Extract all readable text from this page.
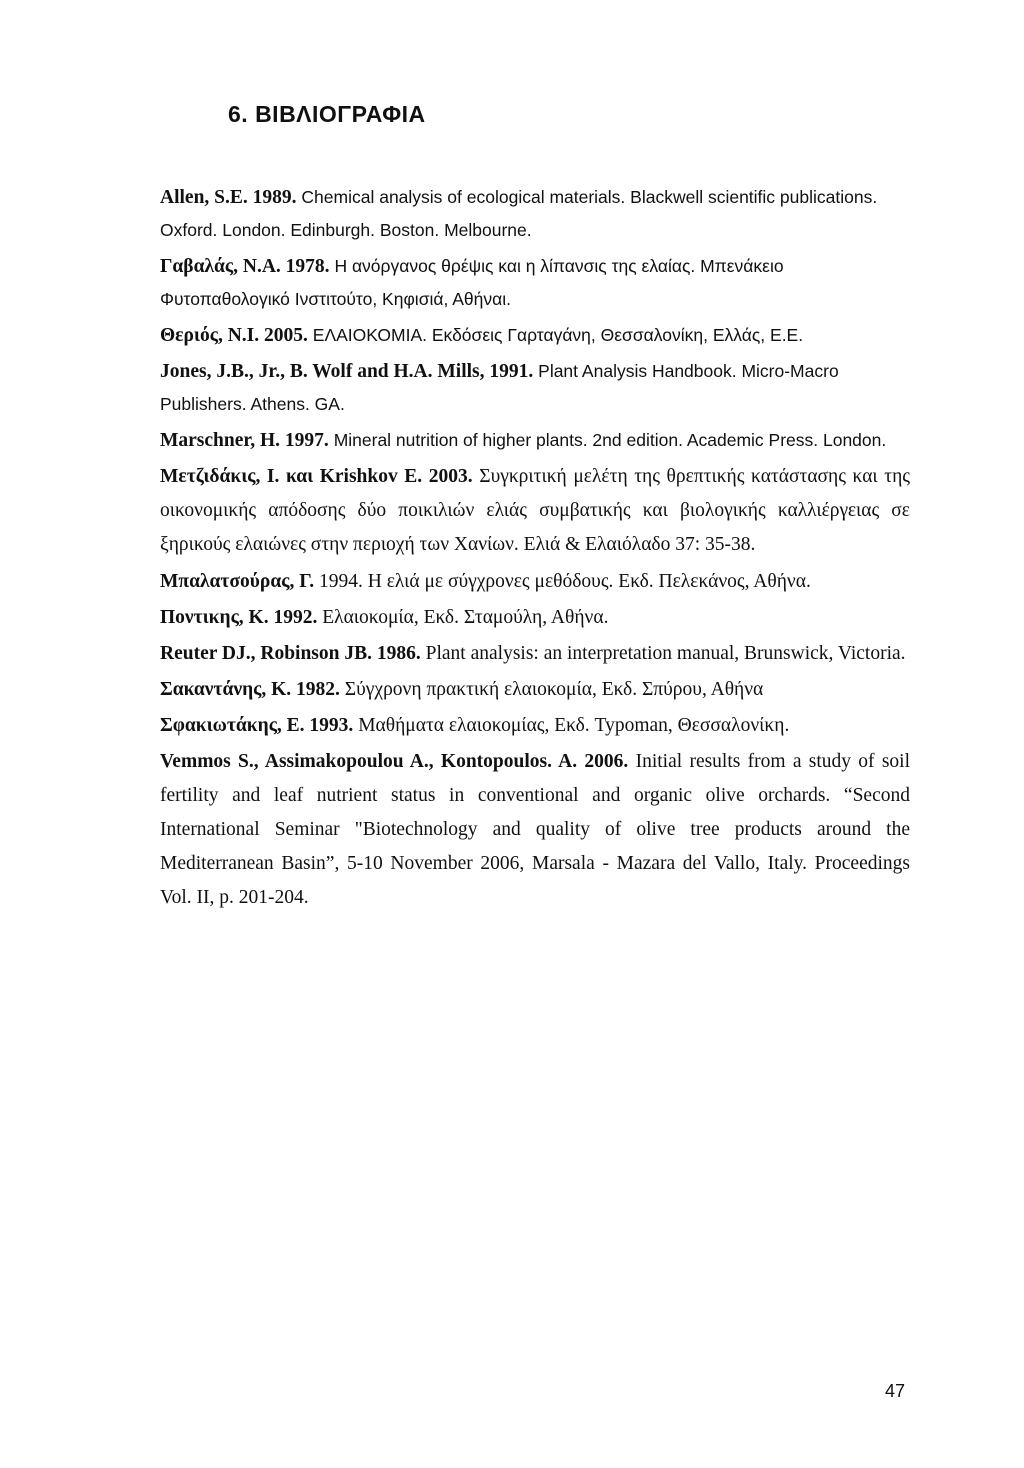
6. ΒΙΒΛΙΟΓΡΑΦΙΑ

Allen, S.E. 1989. Chemical analysis of ecological materials. Blackwell scientific publications. Oxford. London. Edinburgh. Boston. Melbourne.

Γαβαλάς, Ν.Α. 1978. Η ανόργανος θρέψις και η λίπανσις της ελαίας. Μπενάκειο Φυτοπαθολογικό Ινστιτούτο, Κηφισιά, Αθήναι.

Θεριός, Ν.Ι. 2005. ΕΛΑΙΟΚΟΜΙΑ. Εκδόσεις Γαρταγάνη, Θεσσαλονίκη, Ελλάς, Ε.Ε.

Jones, J.B., Jr., B. Wolf and H.A. Mills, 1991. Plant Analysis Handbook. Micro-Macro Publishers. Athens. GA.

Marschner, H. 1997. Mineral nutrition of higher plants. 2nd edition. Academic Press. London.

Μετζιδάκις, I. και Krishkov E. 2003. Συγκριτική μελέτη της θρεπτικής κατάστασης και της οικονομικής απόδοσης δύο ποικιλιών ελιάς συμβατικής και βιολογικής καλλιέργειας σε ξηρικούς ελαιώνες στην περιοχή των Χανίων. Ελιά & Ελαιόλαδο 37: 35-38.

Μπαλατσούρας, Γ. 1994. Η ελιά με σύγχρονες μεθόδους. Εκδ. Πελεκάνος, Αθήνα.

Ποντικης, Κ. 1992. Ελαιοκομία, Εκδ. Σταμούλη, Αθήνα.

Reuter DJ., Robinson JB. 1986. Plant analysis: an interpretation manual, Brunswick, Victoria.

Σακαντάνης, Κ. 1982. Σύγχρονη πρακτική ελαιοκομία, Εκδ. Σπύρου, Αθήνα

Σφακιωτάκης, Ε. 1993. Μαθήματα ελαιοκομίας, Εκδ. Typoman, Θεσσαλονίκη.

Vemmos S., Assimakopoulou A., Kontopoulos. A. 2006. Initial results from a study of soil fertility and leaf nutrient status in conventional and organic olive orchards. “Second International Seminar "Biotechnology and quality of olive tree products around the Mediterranean Basin”, 5-10 November 2006, Marsala - Mazara del Vallo, Italy. Proceedings Vol. II, p. 201-204.

47
